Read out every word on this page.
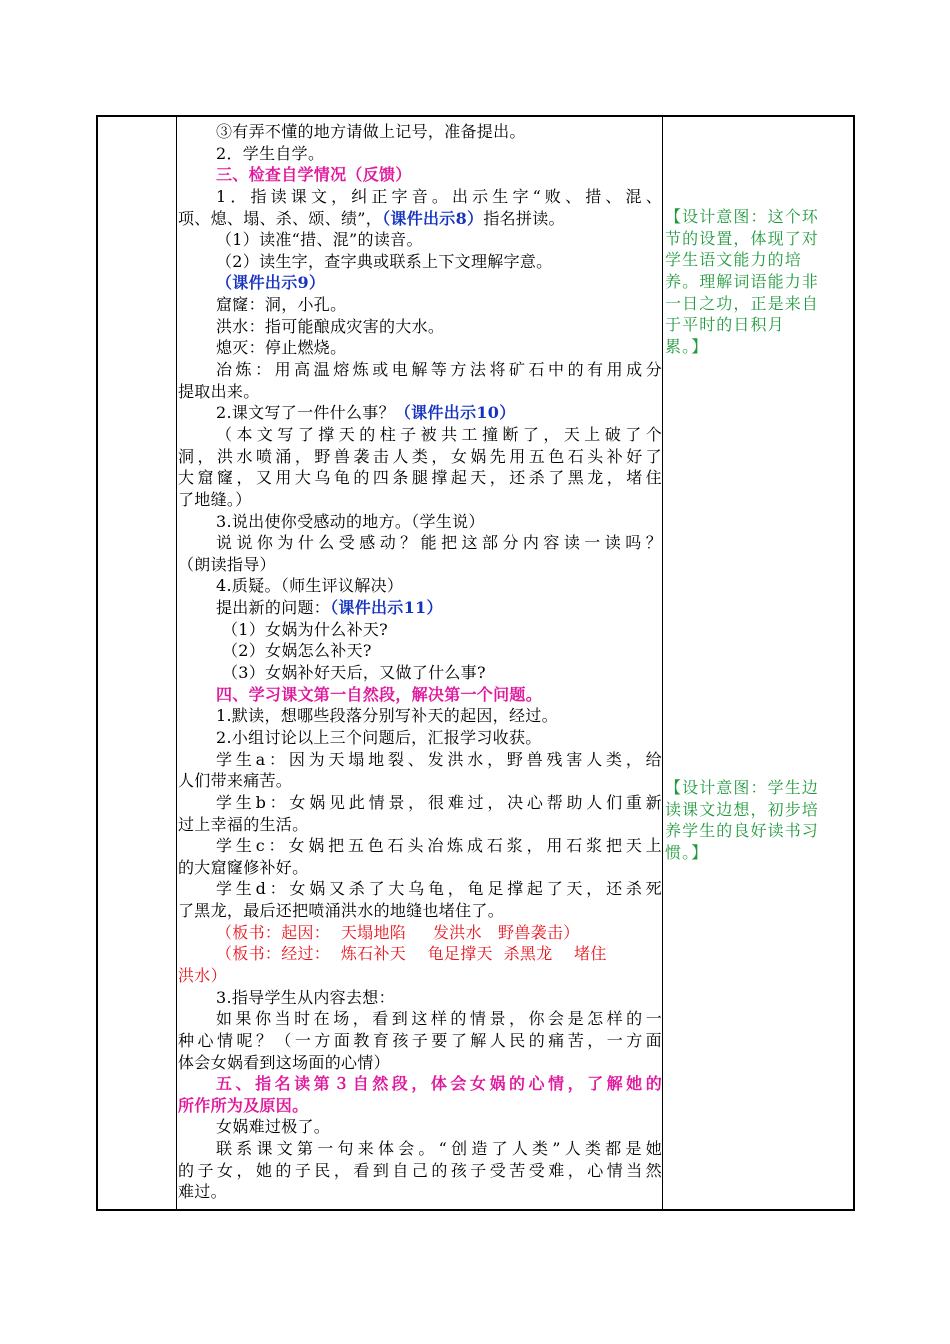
③有弄不懂的地方请做上记号，准备提出。
2．学生自学。
三、检查自学情况（反馈）
1．指读课文，纠正字音。出示生字“败、措、混、
项、熄、塌、杀、颂、绩”，（课件出示8）指名拼读。
（1）读准“措、混”的读音。
（2）读生字，查字典或联系上下文理解字意。
（课件出示9）
窟窿：洞，小孔。
洪水：指可能酿成灾害的大水。
熄灭：停止燃烧。
冶炼：用高温熔炼或电解等方法将矿石中的有用成分
提取出来。
2.课文写了一件什么事？（课件出示10）
（本文写了撑天的柱子被共工撞断了，天上破了个
洞，洪水喷涌，野兽袭击人类，女娲先用五色石头补好了
大窟窿，又用大乌龟的四条腿撑起天，还杀了黑龙，堵住
了地缝。）
3.说出使你受感动的地方。（学生说）
说说你为什么受感动？能把这部分内容读一读吗？
（朗读指导）
4.质疑。（师生评议解决）
提出新的问题：（课件出示11）
（1）女娲为什么补天?
（2）女娲怎么补天?
（3）女娲补好天后，又做了什么事?
四、学习课文第一自然段，解决第一个问题。
1.默读，想哪些段落分别写补天的起因，经过。
2.小组讨论以上三个问题后，汇报学习收获。
学生a：因为天塌地裂、发洪水，野兽残害人类，给
人们带来痛苦。
学生b：女娲见此情景，很难过，决心帮助人们重新
过上幸福的生活。
学生c：女娲把五色石头冶炼成石浆，用石浆把天上
的大窟窿修补好。
学生d：女娲又杀了大乌龟，龟足撑起了天，还杀死
了黑龙，最后还把喷涌洪水的地缝也堵住了。
（板书：起因：  天塌地陷     发洪水   野兽袭击）
（板书：经过：  炼石补天    龟足撑天  杀黑龙    堵住
洪水）
3.指导学生从内容去想：
如果你当时在场，看到这样的情景，你会是怎样的一
种心情呢？（一方面教育孩子要了解人民的痛苦，一方面
体会女娲看到这场面的心情）
五、指名读第３自然段，体会女娲的心情，了解她的
所作所为及原因。
女娲难过极了。
联系课文第一句来体会。“创造了人类”人类都是她
的子女，她的子民，看到自己的孩子受苦受难，心情当然
难过。
【设计意图：这个环
节的设置，体现了对
学生语文能力的培
养。理解词语能力非
一日之功，正是来自
于平时的日积月
累。】
【设计意图：学生边
读课文边想，初步培
养学生的良好读书习
惯。】
